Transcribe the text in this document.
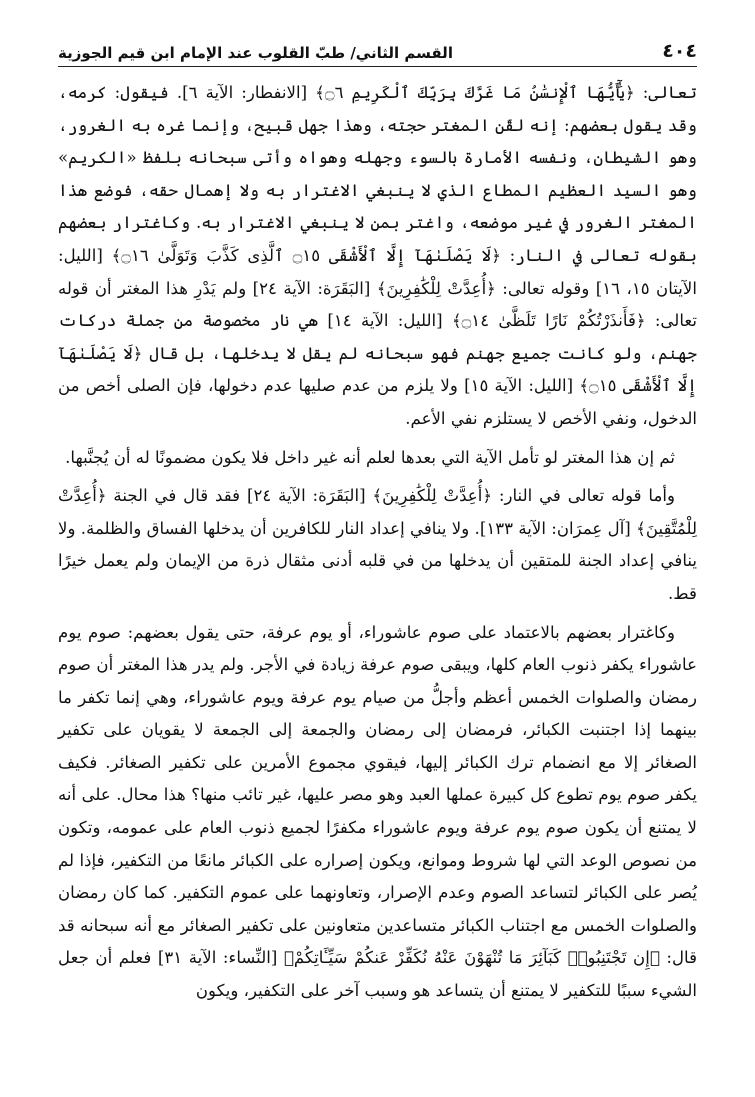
٤٠٤
القسم الثاني/ طبّ القلوب عند الإمام ابن قيم الجوزية

تعالى: ﴿يَٰٓأَيُّهَا ٱلْإِنسَٰنُ مَا غَرَّكَ بِرَبِّكَ ٱلْكَرِيمِ ۝٦﴾ [الانفطار: الآية ٦]. فيقول: كرمه، وقد يقول بعضهم: إنه لقّن المغتر حجته، وهذا جهل قبيح، وإنما غره به الغرور، وهو الشيطان، ونفسه الأمارة بالسوء وجهله وهواه وأتى سبحانه بلفظ «الكريم» وهو السيد العظيم المطاع الذي لا ينبغي الاغترار به ولا إهمال حقه، فوضع هذا المغتر الغرور في غير موضعه، واغتر بمن لا ينبغي الاغترار به. وكاغترار بعضهم بقوله تعالى في النار: ﴿لَا يَصْلَىٰهَآ إِلَّا ٱلْأَشْقَى ۝١٥ ٱلَّذِى كَذَّبَ وَتَوَلَّىٰ ۝١٦﴾ [الليل: الآيتان ١٥، ١٦] وقوله تعالى: ﴿أُعِدَّتْ لِلْكَٰفِرِينَ﴾ [البَقَرَة: الآية ٢٤] ولم يَدْرِ هذا المغتر أن قوله تعالى: ﴿فَأَنذَرْتُكُمْ نَارًا تَلَظَّىٰ ۝١٤﴾ [الليل: الآية ١٤] هي نار مخصوصة من جملة دركات جهنم، ولو كانت جميع جهنم فهو سبحانه لم يقل لا يدخلها، بل قال ﴿لَا يَصْلَىٰهَآ إِلَّا ٱلْأَشْقَى ۝١٥﴾ [الليل: الآية ١٥] ولا يلزم من عدم صليها عدم دخولها، فإن الصلى أخص من الدخول، ونفي الأخص لا يستلزم نفي الأعم.

ثم إن هذا المغتر لو تأمل الآية التي بعدها لعلم أنه غير داخل فلا يكون مضمونًا له أن يُجنَّبها.

وأما قوله تعالى في النار: ﴿أُعِدَّتْ لِلْكَٰفِرِينَ﴾ [البَقَرَة: الآية ٢٤] فقد قال في الجنة ﴿أُعِدَّتْ لِلْمُتَّقِينَ﴾ [آل عِمرَان: الآية ١٣٣]. ولا ينافي إعداد النار للكافرين أن يدخلها الفساق والظلمة. ولا ينافي إعداد الجنة للمتقين أن يدخلها من في قلبه أدنى مثقال ذرة من الإيمان ولم يعمل خيرًا قط.

وكاغترار بعضهم بالاعتماد على صوم عاشوراء، أو يوم عرفة، حتى يقول بعضهم: صوم يوم عاشوراء يكفر ذنوب العام كلها، ويبقى صوم عرفة زيادة في الأجر. ولم يدر هذا المغتر أن صوم رمضان والصلوات الخمس أعظم وأجلُّ من صيام يوم عرفة ويوم عاشوراء، وهي إنما تكفر ما بينهما إذا اجتنبت الكبائر، فرمضان إلى رمضان والجمعة إلى الجمعة لا يقويان على تكفير الصغائر إلا مع انضمام ترك الكبائر إليها، فيقوي مجموع الأمرين على تكفير الصغائر. فكيف يكفر صوم يوم تطوع كل كبيرة عملها العبد وهو مصر عليها، غير تائب منها؟ هذا محال. على أنه لا يمتنع أن يكون صوم يوم عرفة ويوم عاشوراء مكفرًا لجميع ذنوب العام على عمومه، وتكون من نصوص الوعد التي لها شروط وموانع، ويكون إصراره على الكبائر مانعًا من التكفير، فإذا لم يُصر على الكبائر لتساعد الصوم وعدم الإصرار، وتعاونهما على عموم التكفير. كما كان رمضان والصلوات الخمس مع اجتناب الكبائر متساعدين متعاونين على تكفير الصغائر مع أنه سبحانه قد قال: ﴿إِن تَجْتَنِبُوا۟ كَبَآئِرَ مَا تُنْهَوْنَ عَنْهُ نُكَفِّرْ عَنكُمْ سَيِّـَٔاتِكُمْ﴾ [النِّساء: الآية ٣١] فعلم أن جعل الشيء سببًا للتكفير لا يمتنع أن يتساعد هو وسبب آخر على التكفير، ويكون
